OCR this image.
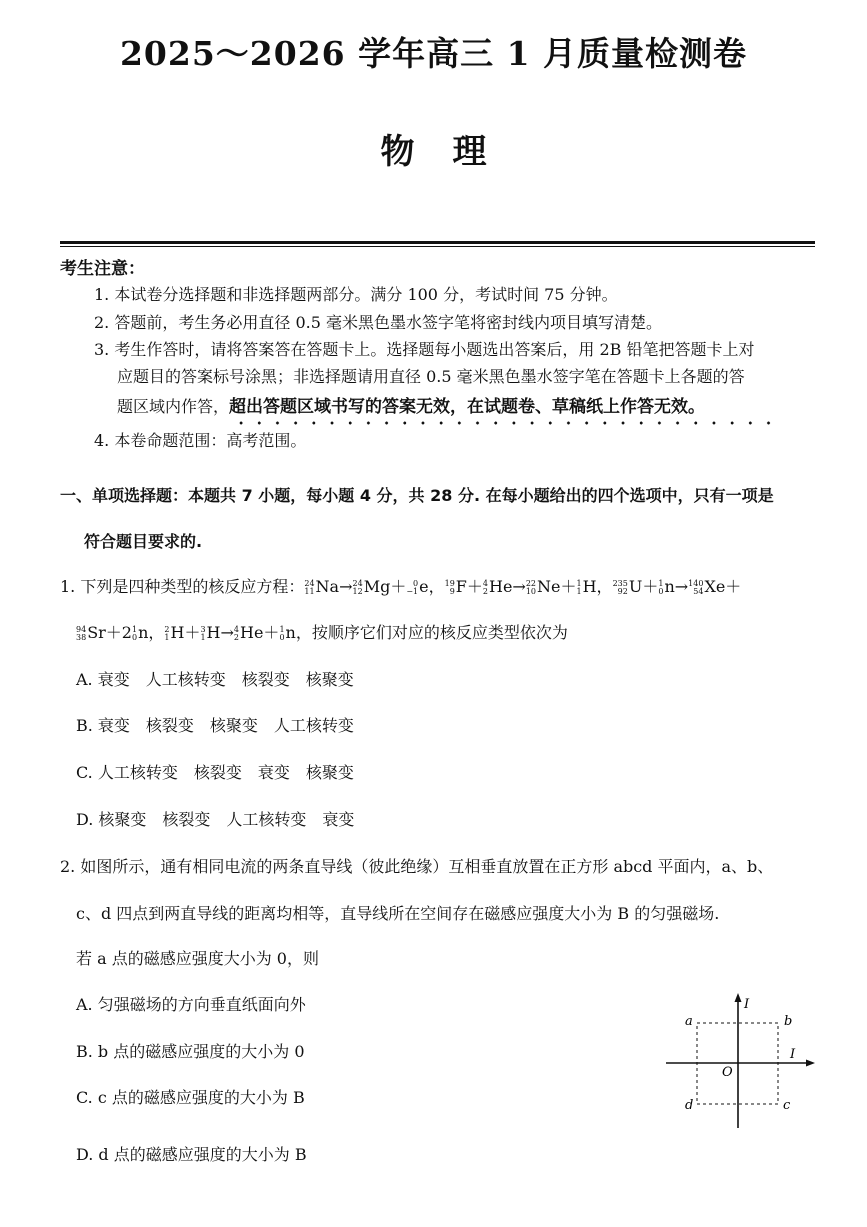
2025～2026 学年高三 1 月质量检测卷
物理
考生注意：
1. 本试卷分选择题和非选择题两部分。满分 100 分，考试时间 75 分钟。
2. 答题前，考生务必用直径 0.5 毫米黑色墨水签字笔将密封线内项目填写清楚。
3. 考生作答时，请将答案答在答题卡上。选择题每小题选出答案后，用 2B 铅笔把答题卡上对
应题目的答案标号涂黑；非选择题请用直径 0.5 毫米黑色墨水签字笔在答题卡上各题的答
题区域内作答，超出答题区域书写的答案无效，在试题卷、草稿纸上作答无效。
4. 本卷命题范围：高考范围。
一、单项选择题：本题共 7 小题，每小题 4 分，共 28 分. 在每小题给出的四个选项中，只有一项是
符合题目要求的.
1. 下列是四种类型的核反应方程： 24
11 Na→ 24
12 Mg＋ 0
−1 e， 19
9 F＋ 4
2 He→ 22
10 Ne＋ 1
1 H， 235
92 U＋ 1
0 n→ 140
54 Xe＋
94
38 Sr＋2 1
0 n， 2
1 H＋ 3
1 H→ 4
2 He＋ 1
0 n，按顺序它们对应的核反应类型依次为
A. 衰变　人工核转变　核裂变　核聚变
B. 衰变　核裂变　核聚变　人工核转变
C. 人工核转变　核裂变　衰变　核聚变
D. 核聚变　核裂变　人工核转变　衰变
2. 如图所示，通有相同电流的两条直导线（彼此绝缘）互相垂直放置在正方形 abcd 平面内，a、b、
c、d 四点到两直导线的距离均相等，直导线所在空间存在磁感应强度大小为 B 的匀强磁场.
若 a 点的磁感应强度大小为 0，则
A. 匀强磁场的方向垂直纸面向外
B. b 点的磁感应强度的大小为 0
C. c 点的磁感应强度的大小为 B
D. d 点的磁感应强度的大小为 B
a	b
c
d
O
I
I
